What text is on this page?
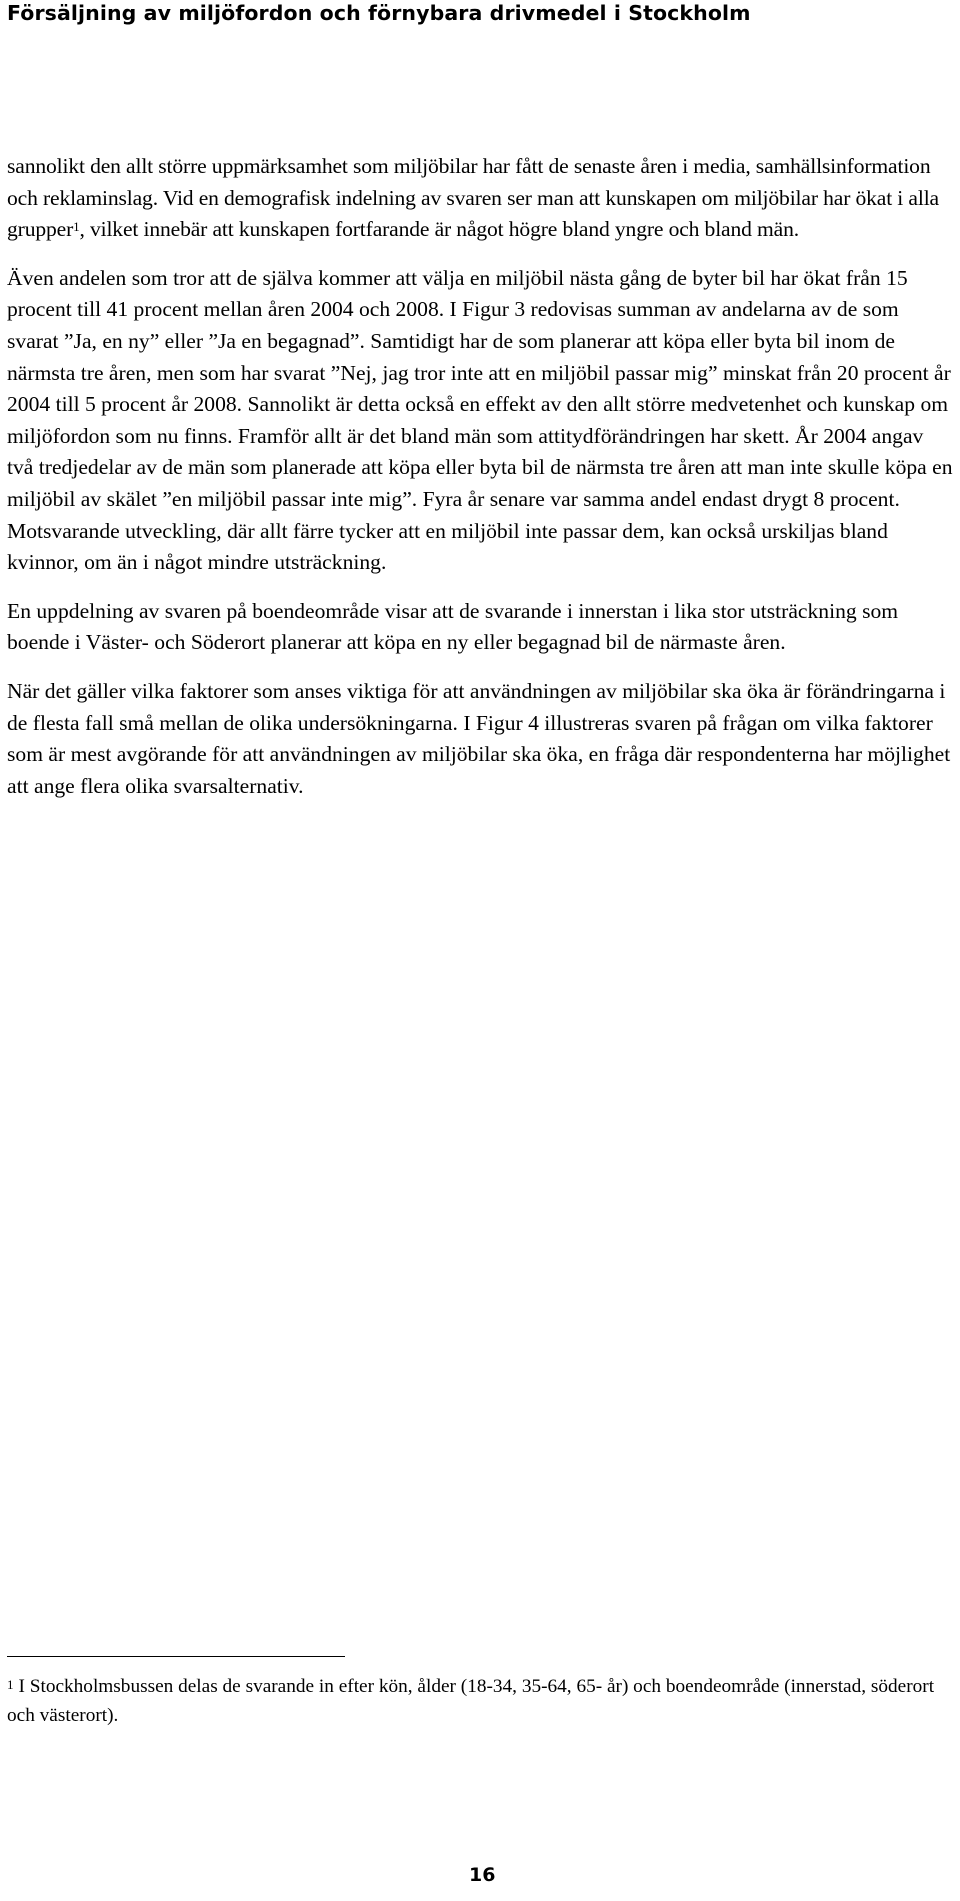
Försäljning av miljöfordon och förnybara drivmedel i Stockholm

sannolikt den allt större uppmärksamhet som miljöbilar har fått de senaste åren i media, samhällsinformation och reklaminslag. Vid en demografisk indelning av svaren ser man att kunskapen om miljöbilar har ökat i alla grupper$^1$, vilket innebär att kunskapen fortfarande är något högre bland yngre och bland män.

Även andelen som tror att de själva kommer att välja en miljöbil nästa gång de byter bil har ökat från 15 procent till 41 procent mellan åren 2004 och 2008. I Figur 3 redovisas summan av andelarna av de som svarat ”Ja, en ny” eller ”Ja en begagnad”. Samtidigt har de som planerar att köpa eller byta bil inom de närmsta tre åren, men som har svarat ”Nej, jag tror inte att en miljöbil passar mig” minskat från 20 procent år 2004 till 5 procent år 2008. Sannolikt är detta också en effekt av den allt större medvetenhet och kunskap om miljöfordon som nu finns. Framför allt är det bland män som attitydförändringen har skett. År 2004 angav två tredjedelar av de män som planerade att köpa eller byta bil de närmsta tre åren att man inte skulle köpa en miljöbil av skälet ”en miljöbil passar inte mig”. Fyra år senare var samma andel endast drygt 8 procent. Motsvarande utveckling, där allt färre tycker att en miljöbil inte passar dem, kan också urskiljas bland kvinnor, om än i något mindre utsträckning.

En uppdelning av svaren på boendeområde visar att de svarande i innerstan i lika stor utsträckning som boende i Väster- och Söderort planerar att köpa en ny eller begagnad bil de närmaste åren.

När det gäller vilka faktorer som anses viktiga för att användningen av miljöbilar ska öka är förändringarna i de flesta fall små mellan de olika undersökningarna. I Figur 4 illustreras svaren på frågan om vilka faktorer som är mest avgörande för att användningen av miljöbilar ska öka, en fråga där respondenterna har möjlighet att ange flera olika svarsalternativ.

$^1$ I Stockholmsbussen delas de svarande in efter kön, ålder (18-34, 35-64, 65- år) och boendeområde (innerstad, söderort och västerort).
16
